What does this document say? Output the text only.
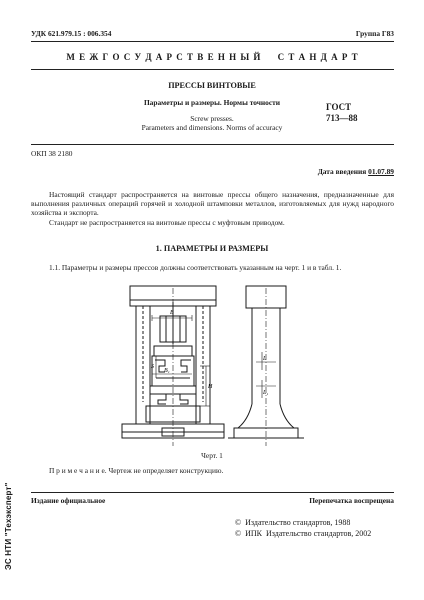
УДК 621.979.15 : 006.354	Группа Г83
М Е Ж Г О С У Д А Р С Т В Е Н Н Ы Й     С Т А Н Д А Р Т
ПРЕССЫ ВИНТОВЫЕ
Параметры и размеры. Нормы точности
Screw presses.
Parameters and dimensions. Norms of accuracy
ГОСТ
713—88
ОКП 38 2180
Дата введения 01.07.89
Настоящий стандарт распространяется на винтовые прессы общего назначения, предназначенные для выполнения различных операций горячей и холодной штамповки металлов, изготовляемых для нужд народного хозяйства и экспорта.
Стандарт не распространяется на винтовые прессы с муфтовым приводом.
1. ПАРАМЕТРЫ И РАЗМЕРЫ
1.1. Параметры и размеры прессов должны соответствовать указанным на черт. 1 и в табл. 1.
B
S
B₁
H
L
L₁
Черт. 1
П р и м е ч а н и е. Чертеж не определяет конструкцию.
Издание официальное	Перепечатка воспрещена
©  Издательство стандартов, 1988
©  ИПК  Издательство стандартов, 2002
ЭС НТИ "Техэксперт"
